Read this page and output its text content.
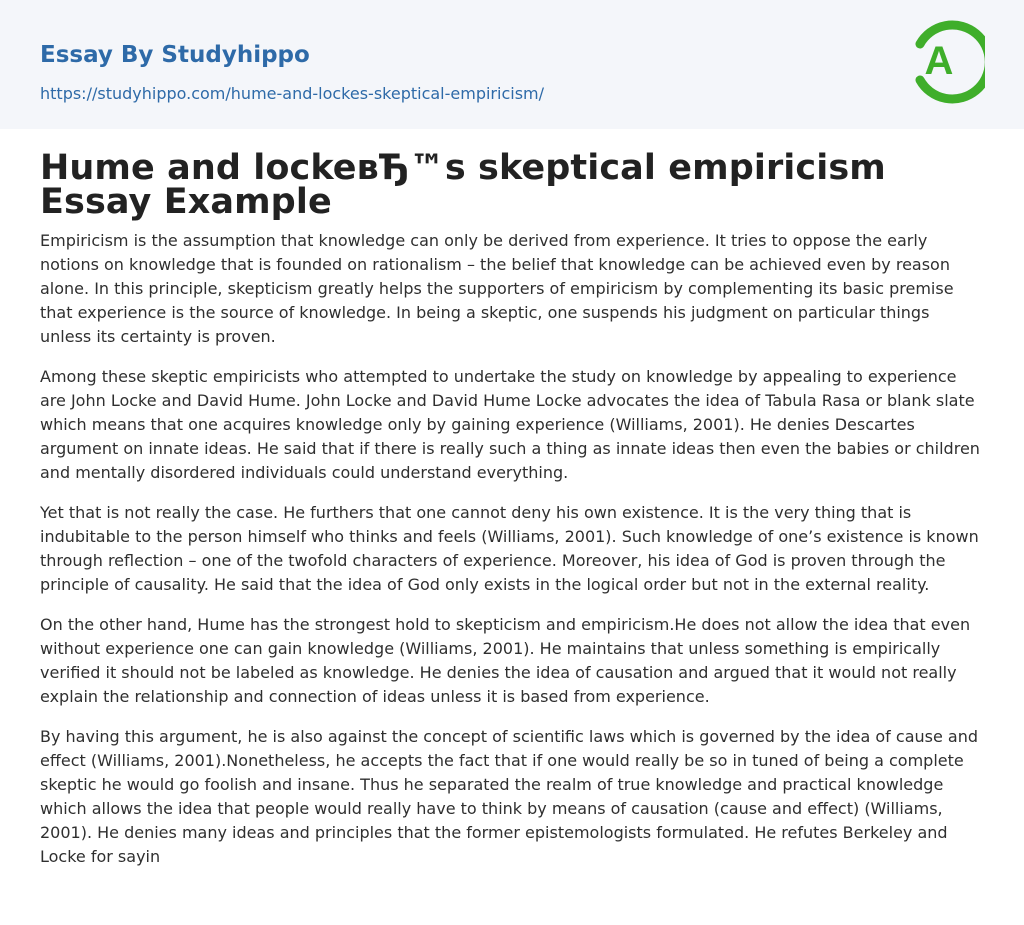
Essay By Studyhippo
https://studyhippo.com/hume-and-lockes-skeptical-empiricism/
A
Hume and lockeвЂ™s skeptical empiricism Essay Example

Empiricism is the assumption that knowledge can only be derived from experience. It tries to oppose the early notions on knowledge that is founded on rationalism – the belief that knowledge can be achieved even by reason alone. In this principle, skepticism greatly helps the supporters of empiricism by complementing its basic premise that experience is the source of knowledge. In being a skeptic, one suspends his judgment on particular things unless its certainty is proven.

Among these skeptic empiricists who attempted to undertake the study on knowledge by appealing to experience are John Locke and David Hume. John Locke and David Hume Locke advocates the idea of Tabula Rasa or blank slate which means that one acquires knowledge only by gaining experience (Williams, 2001). He denies Descartes argument on innate ideas. He said that if there is really such a thing as innate ideas then even the babies or children and mentally disordered individuals could understand everything.

Yet that is not really the case. He furthers that one cannot deny his own existence. It is the very thing that is indubitable to the person himself who thinks and feels (Williams, 2001). Such knowledge of one’s existence is known through reflection – one of the twofold characters of experience. Moreover, his idea of God is proven through the principle of causality. He said that the idea of God only exists in the logical order but not in the external reality.

On the other hand, Hume has the strongest hold to skepticism and empiricism.He does not allow the idea that even without experience one can gain knowledge (Williams, 2001). He maintains that unless something is empirically verified it should not be labeled as knowledge. He denies the idea of causation and argued that it would not really explain the relationship and connection of ideas unless it is based from experience.

By having this argument, he is also against the concept of scientific laws which is governed by the idea of cause and effect (Williams, 2001).Nonetheless, he accepts the fact that if one would really be so in tuned of being a complete skeptic he would go foolish and insane. Thus he separated the realm of true knowledge and practical knowledge which allows the idea that people would really have to think by means of causation (cause and effect) (Williams, 2001). He denies many ideas and principles that the former epistemologists formulated. He refutes Berkeley and Locke for sayin
